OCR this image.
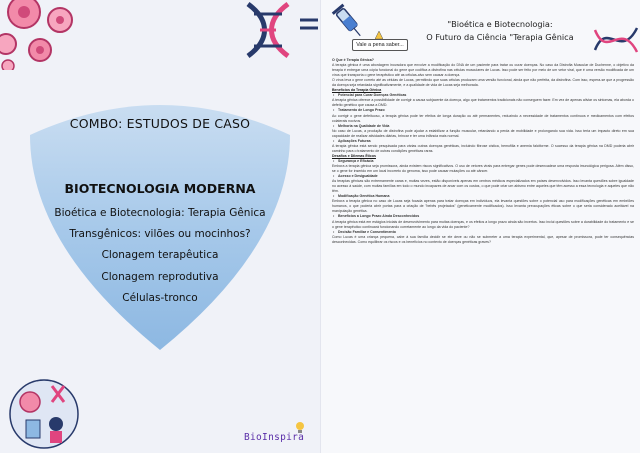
COMBO: ESTUDOS DE CASO
BIOTECNOLOGIA MODERNA
Bioética e Biotecnologia: Terapia Gênica
Transgênicos: vilões ou mocinhos?
Clonagem terapêutica
Clonagem reprodutiva
Células-tronco
BioInspira
Vale a pena saber...
"Bioética e Biotecnologia:
O Futuro da Ciência "Terapia Gênica

O Que é Terapia Gênica?

A terapia gênica é uma abordagem inovadora que envolve a modificação do DNA de um paciente para tratar ou curar doenças. No caso da Distrofia Muscular de Duchenne, o objetivo da terapia é entregar uma cópia funcional do gene que codifica a distrofina nas células musculares de Lucas. Isso pode ser feito por meio de um vetor viral, que é uma versão modificada de um vírus que transporta o gene terapêutico até as células-alvo sem causar a doença.

O vírus leva o gene correto até as células de Lucas, permitindo que suas células produzam uma versão funcional, ainda que não perfeita, da distrofina. Com isso, espera-se que a progressão da doença seja retardada significativamente, e a qualidade de vida de Lucas seja melhorada.

Benefícios da Terapia Gênica

• Potencial para Curar Doenças Genéticas

A terapia gênica oferece a possibilidade de corrigir a causa subjacente da doença, algo que tratamentos tradicionais não conseguem fazer. Em vez de apenas aliviar os sintomas, ela aborda o defeito genético que causa a DMD.

• Tratamento de Longo Prazo

Ao corrigir o gene defeituoso, a terapia gênica pode ter efeitos de longa duração ou até permanentes, reduzindo a necessidade de tratamentos contínuos e medicamentos com efeitos colaterais nocivos.

• Melhoria na Qualidade de Vida

No caso de Lucas, a produção de distrofina pode ajudar a estabilizar a função muscular, retardando a perda de mobilidade e prolongando sua vida. Isso teria um impacto direto em sua capacidade de realizar atividades diárias, brincar e ter uma infância mais normal.

• Aplicações Futuras

A terapia gênica está sendo pesquisada para várias outras doenças genéticas, incluindo fibrose cística, hemofilia e anemia falciforme. O sucesso da terapia gênica na DMD poderia abrir caminho para o tratamento de outras condições genéticas raras.

Desafios e Dilemas Éticos

• Segurança e Eficácia

Embora a terapia gênica seja promissora, ainda existem riscos significativos. O uso de vetores virais para entregar genes pode desencadear uma resposta imunológica perigosa. Além disso, se o gene for inserido em um local incorreto do genoma, isso pode causar mutações ou até câncer.

• Acesso e Desigualdade

As terapias gênicas são extremamente caras e, muitas vezes, estão disponíveis apenas em centros médicos especializados em países desenvolvidos. Isso levanta questões sobre igualdade no acesso à saúde, com muitas famílias em todo o mundo incapazes de arcar com os custos, o que pode criar um abismo entre aqueles que têm acesso a essa tecnologia e aqueles que não têm.

• Modificação Genética Humana

Embora a terapia gênica no caso de Lucas seja focada apenas para tratar doenças em indivíduos, ela levanta questões sobre o potencial uso para modificações genéticas em embriões humanos, o que poderia abrir portas para a criação de "bebês projetados" (geneticamente modificados). Isso levanta preocupações éticas sobre o que seria considerado aceitável na manipulação genética.

• Benefícios a Longo Prazo Ainda Desconhecidos

A terapia gênica está em estágios iniciais de desenvolvimento para muitas doenças, e os efeitos a longo prazo ainda são incertos. Isso inclui questões sobre a durabilidade do tratamento e se o gene terapêutico continuará funcionando corretamente ao longo da vida do paciente?

• Decisão Familiar e Consentimento

Como Lucas é uma criança pequena, cabe à sua família decidir se ele deve ou não se submeter a uma terapia experimental, que, apesar de promissora, pode ter consequências desconhecidas. Como equilibrar os riscos e os benefícios no contexto de doenças genéticas graves?
